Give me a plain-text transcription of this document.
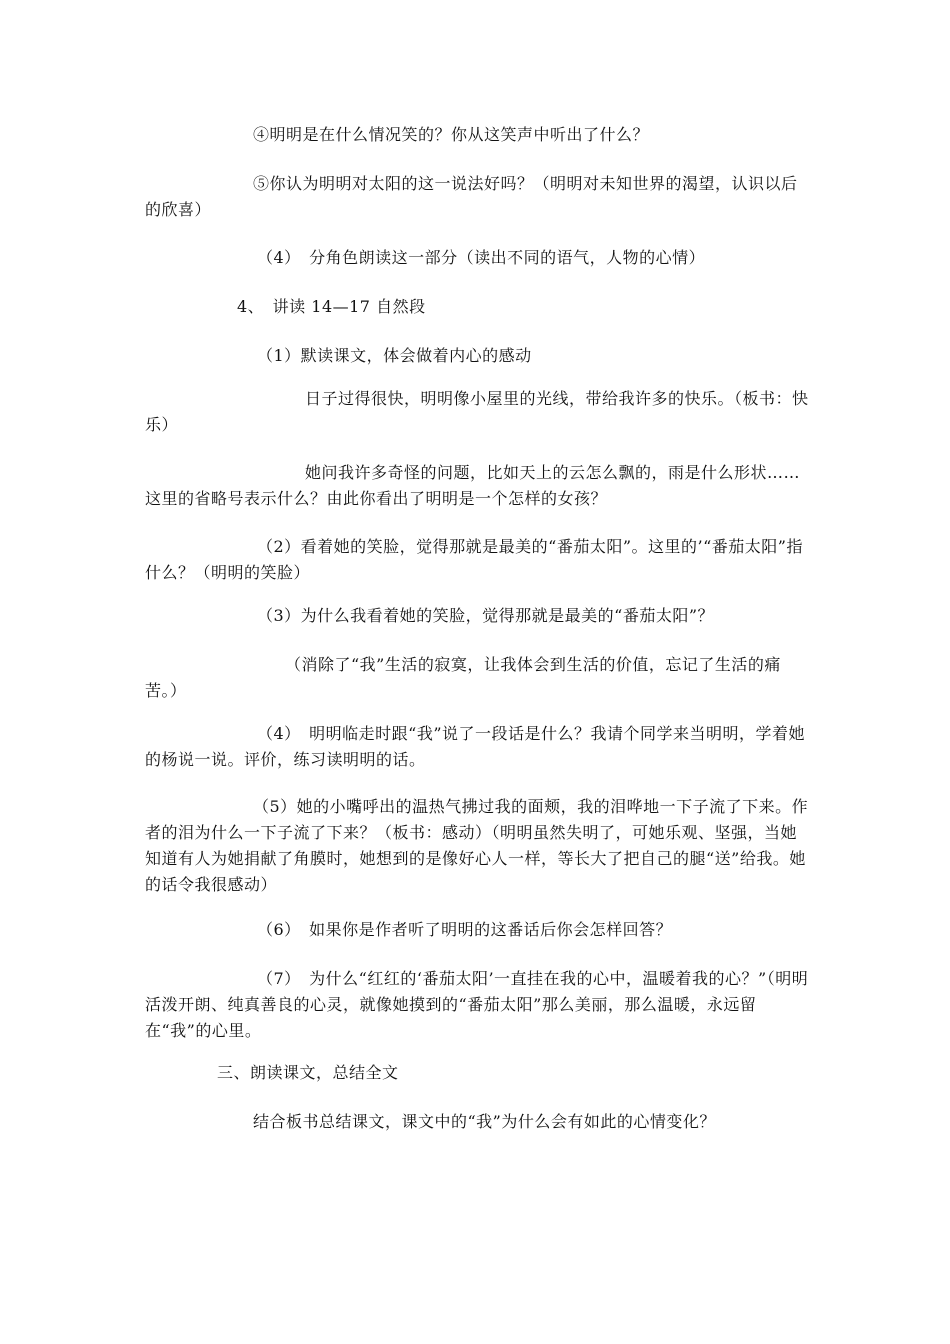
④明明是在什么情况笑的？你从这笑声中听出了什么？

⑤你认为明明对太阳的这一说法好吗？（明明对未知世界的渴望，认识以后的欣喜）

（4）　分角色朗读这一部分（读出不同的语气，人物的心情）

4、　讲读 14—17 自然段

（1）默读课文，体会做着内心的感动

日子过得很快，明明像小屋里的光线，带给我许多的快乐。（板书：快乐）

她问我许多奇怪的问题，比如天上的云怎么飘的，雨是什么形状……这里的省略号表示什么？由此你看出了明明是一个怎样的女孩？

（2）看着她的笑脸，觉得那就是最美的“番茄太阳”。这里的’“番茄太阳”指什么？（明明的笑脸）

（3）为什么我看着她的笑脸，觉得那就是最美的“番茄太阳”？

（消除了“我”生活的寂寞，让我体会到生活的价值，忘记了生活的痛苦。）

（4）　明明临走时跟“我”说了一段话是什么？我请个同学来当明明，学着她的杨说一说。评价，练习读明明的话。

（5）她的小嘴呼出的温热气拂过我的面颊，我的泪哗地一下子流了下来。作者的泪为什么一下子流了下来？（板书：感动）（明明虽然失明了，可她乐观、坚强，当她知道有人为她捐献了角膜时，她想到的是像好心人一样，等长大了把自己的腿“送”给我。她的话令我很感动）

（6）　如果你是作者听了明明的这番话后你会怎样回答？

（7）　为什么“红红的‘番茄太阳’一直挂在我的心中，温暖着我的心？”（明明活泼开朗、纯真善良的心灵，就像她摸到的“番茄太阳”那么美丽，那么温暖，永远留在“我”的心里。

三、朗读课文，总结全文

结合板书总结课文，课文中的“我”为什么会有如此的心情变化？
